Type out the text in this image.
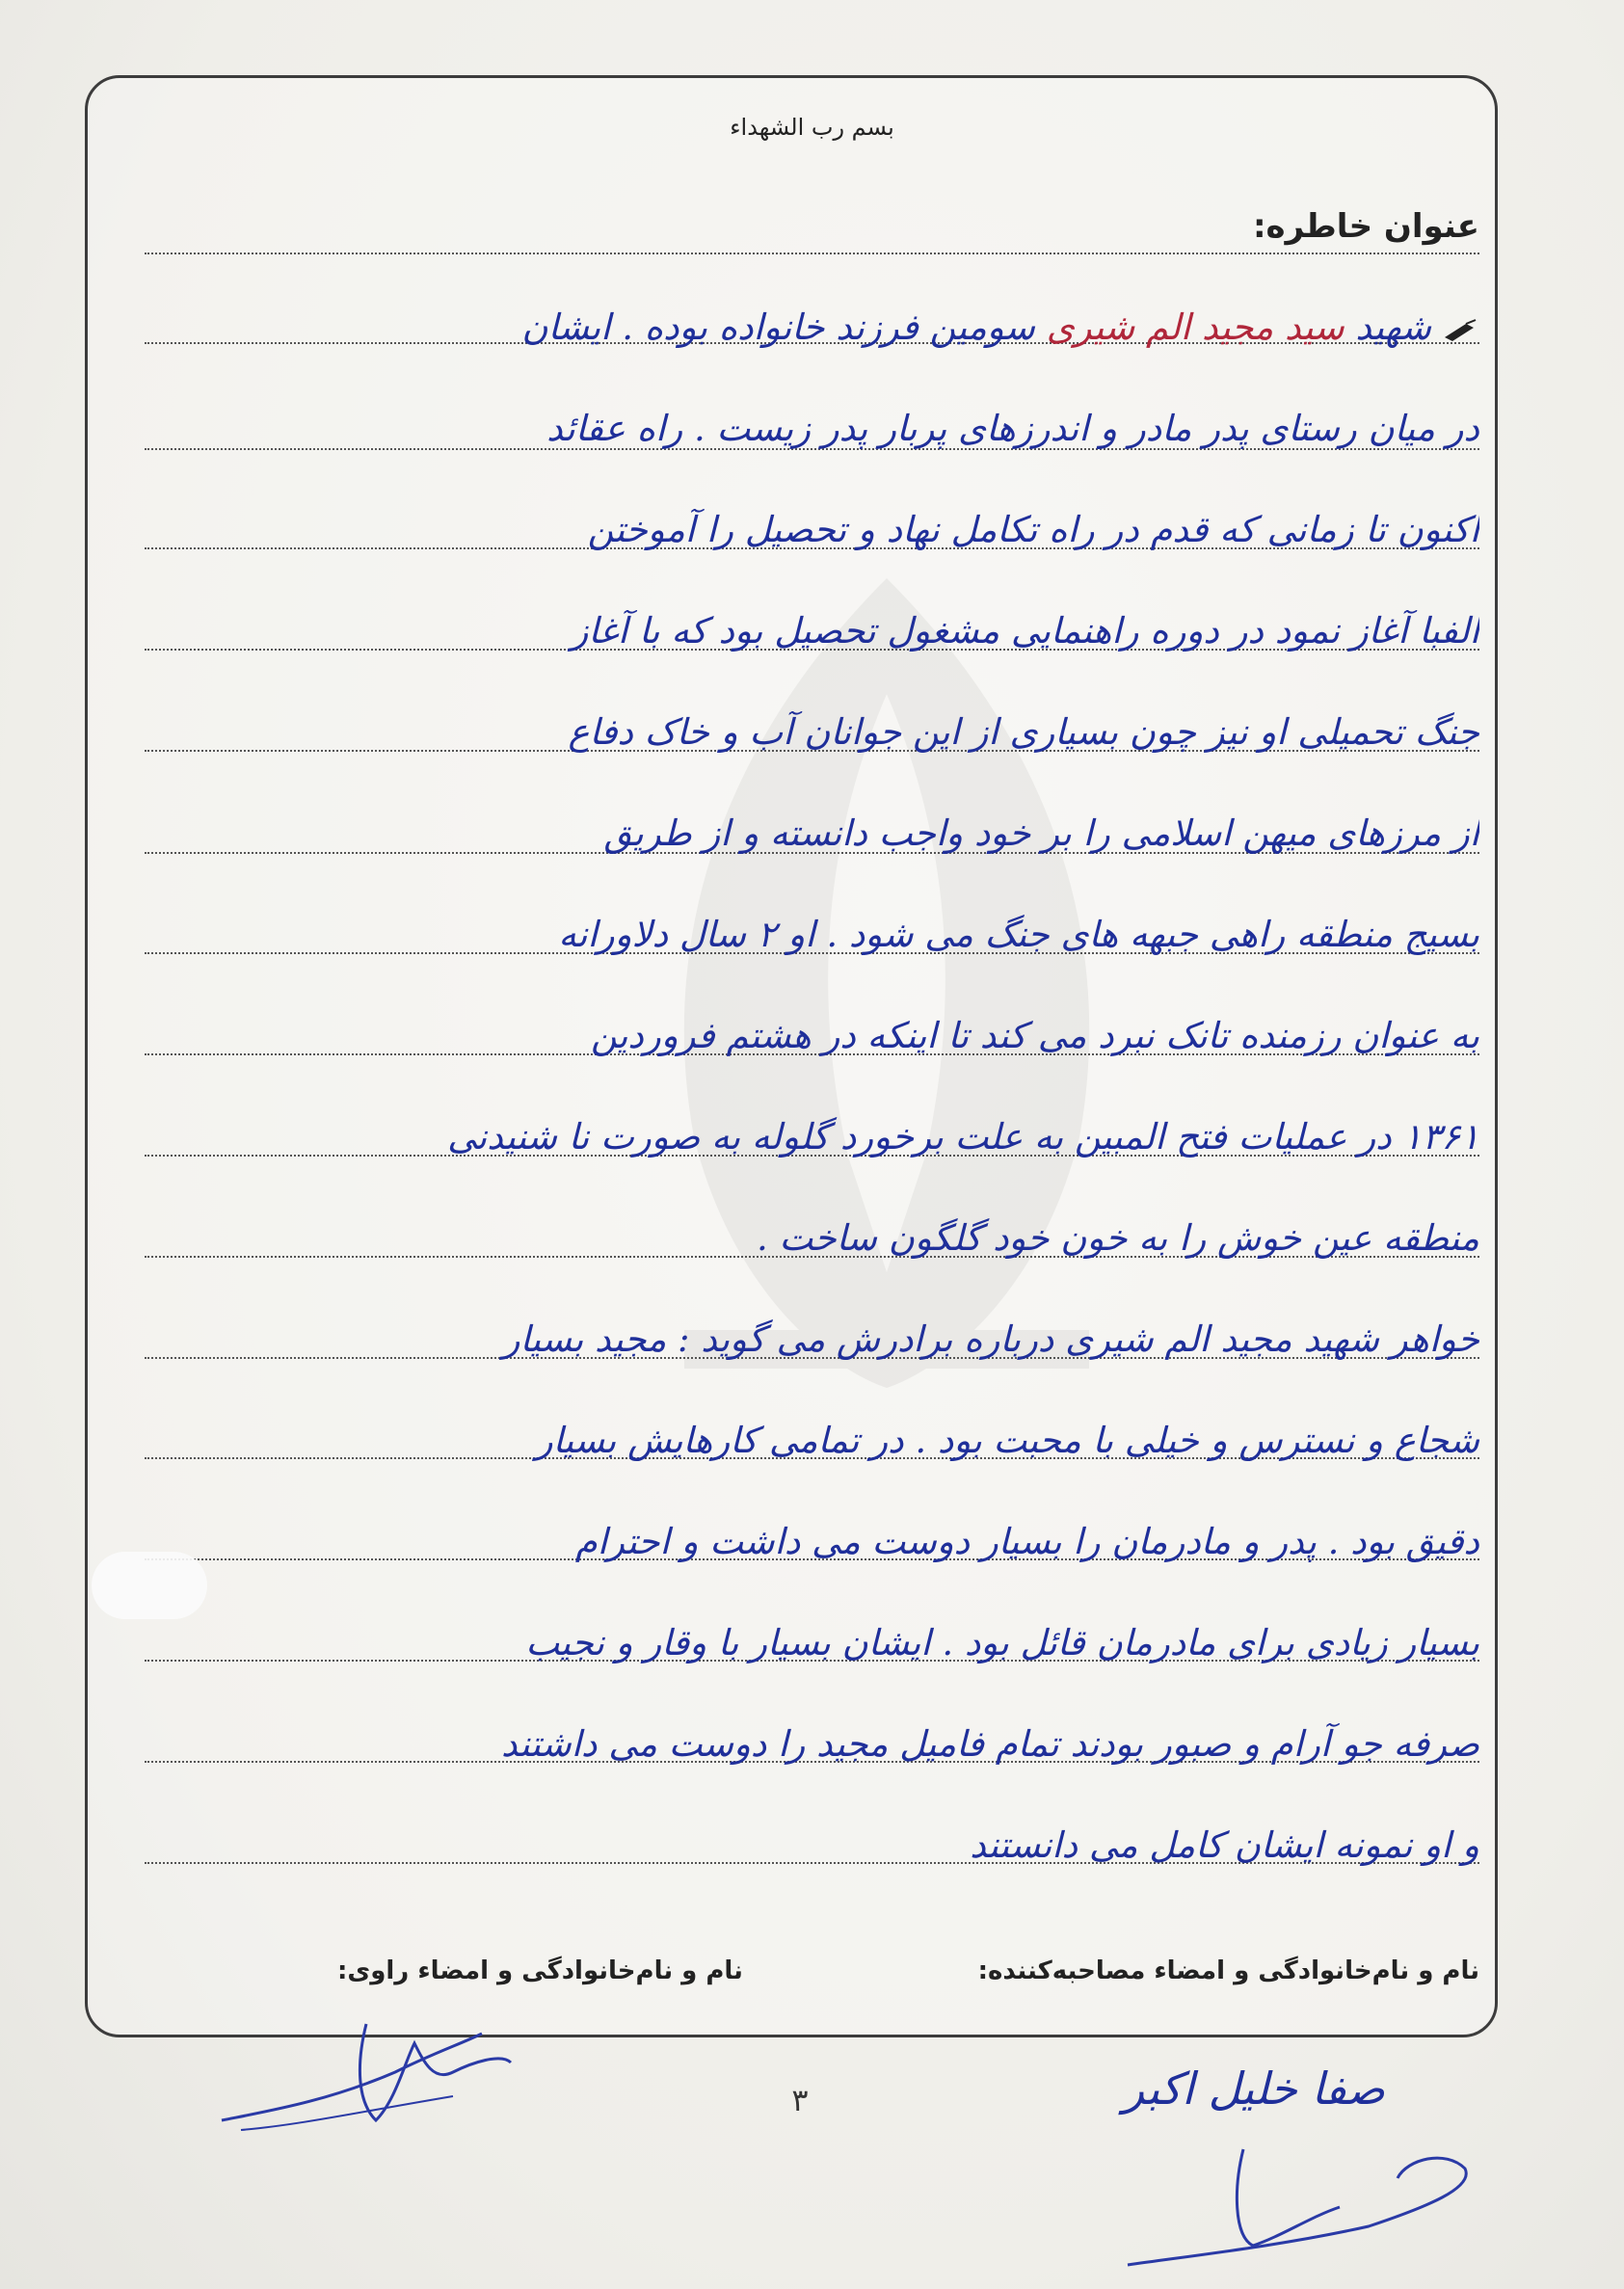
بسم رب الشهداء
عنوان خاطره:
شهید سید مجید الم شیری سومین فرزند خانواده بوده . ایشان
در میان رستای پدر مادر و اندرزهای پربار پدر زیست . راه عقائد
اکنون تا زمانی که قدم در راه تکامل نهاد و تحصیل را آموختن
الفبا آغاز نمود در دوره راهنمایی مشغول تحصیل بود که با آغاز
جنگ تحمیلی او نیز چون بسیاری از این جوانان آب و خاک دفاع
از مرزهای میهن اسلامی را بر خود واجب دانسته و از طریق
بسیج منطقه راهی جبهه های جنگ می شود . او ۲ سال دلاورانه
به عنوان رزمنده تانک نبرد می کند تا اینکه در هشتم فروردین
۱۳۶۱ در عملیات فتح المبین به علت برخورد گلوله به صورت نا شنیدنی
منطقه عین خوش را به خون خود گلگون ساخت .
خواهر شهید مجید الم شیری درباره برادرش می گوید : مجید بسیار
شجاع و نسترس و خیلی با محبت بود . در تمامی کارهایش بسیار
دقیق بود . پدر و مادرمان را بسیار دوست می داشت و احترام
بسیار زیادی برای مادرمان قائل بود . ایشان بسیار با وقار و نجیب
صرفه جو آرام و صبور بودند تمام فامیل مجید را دوست می داشتند
و او نمونه ایشان کامل می دانستند
نام و نام‌خانوادگی و امضاء مصاحبه‌کننده:
نام و نام‌خانوادگی و امضاء راوی:
۳	صفا خلیل اکبر
